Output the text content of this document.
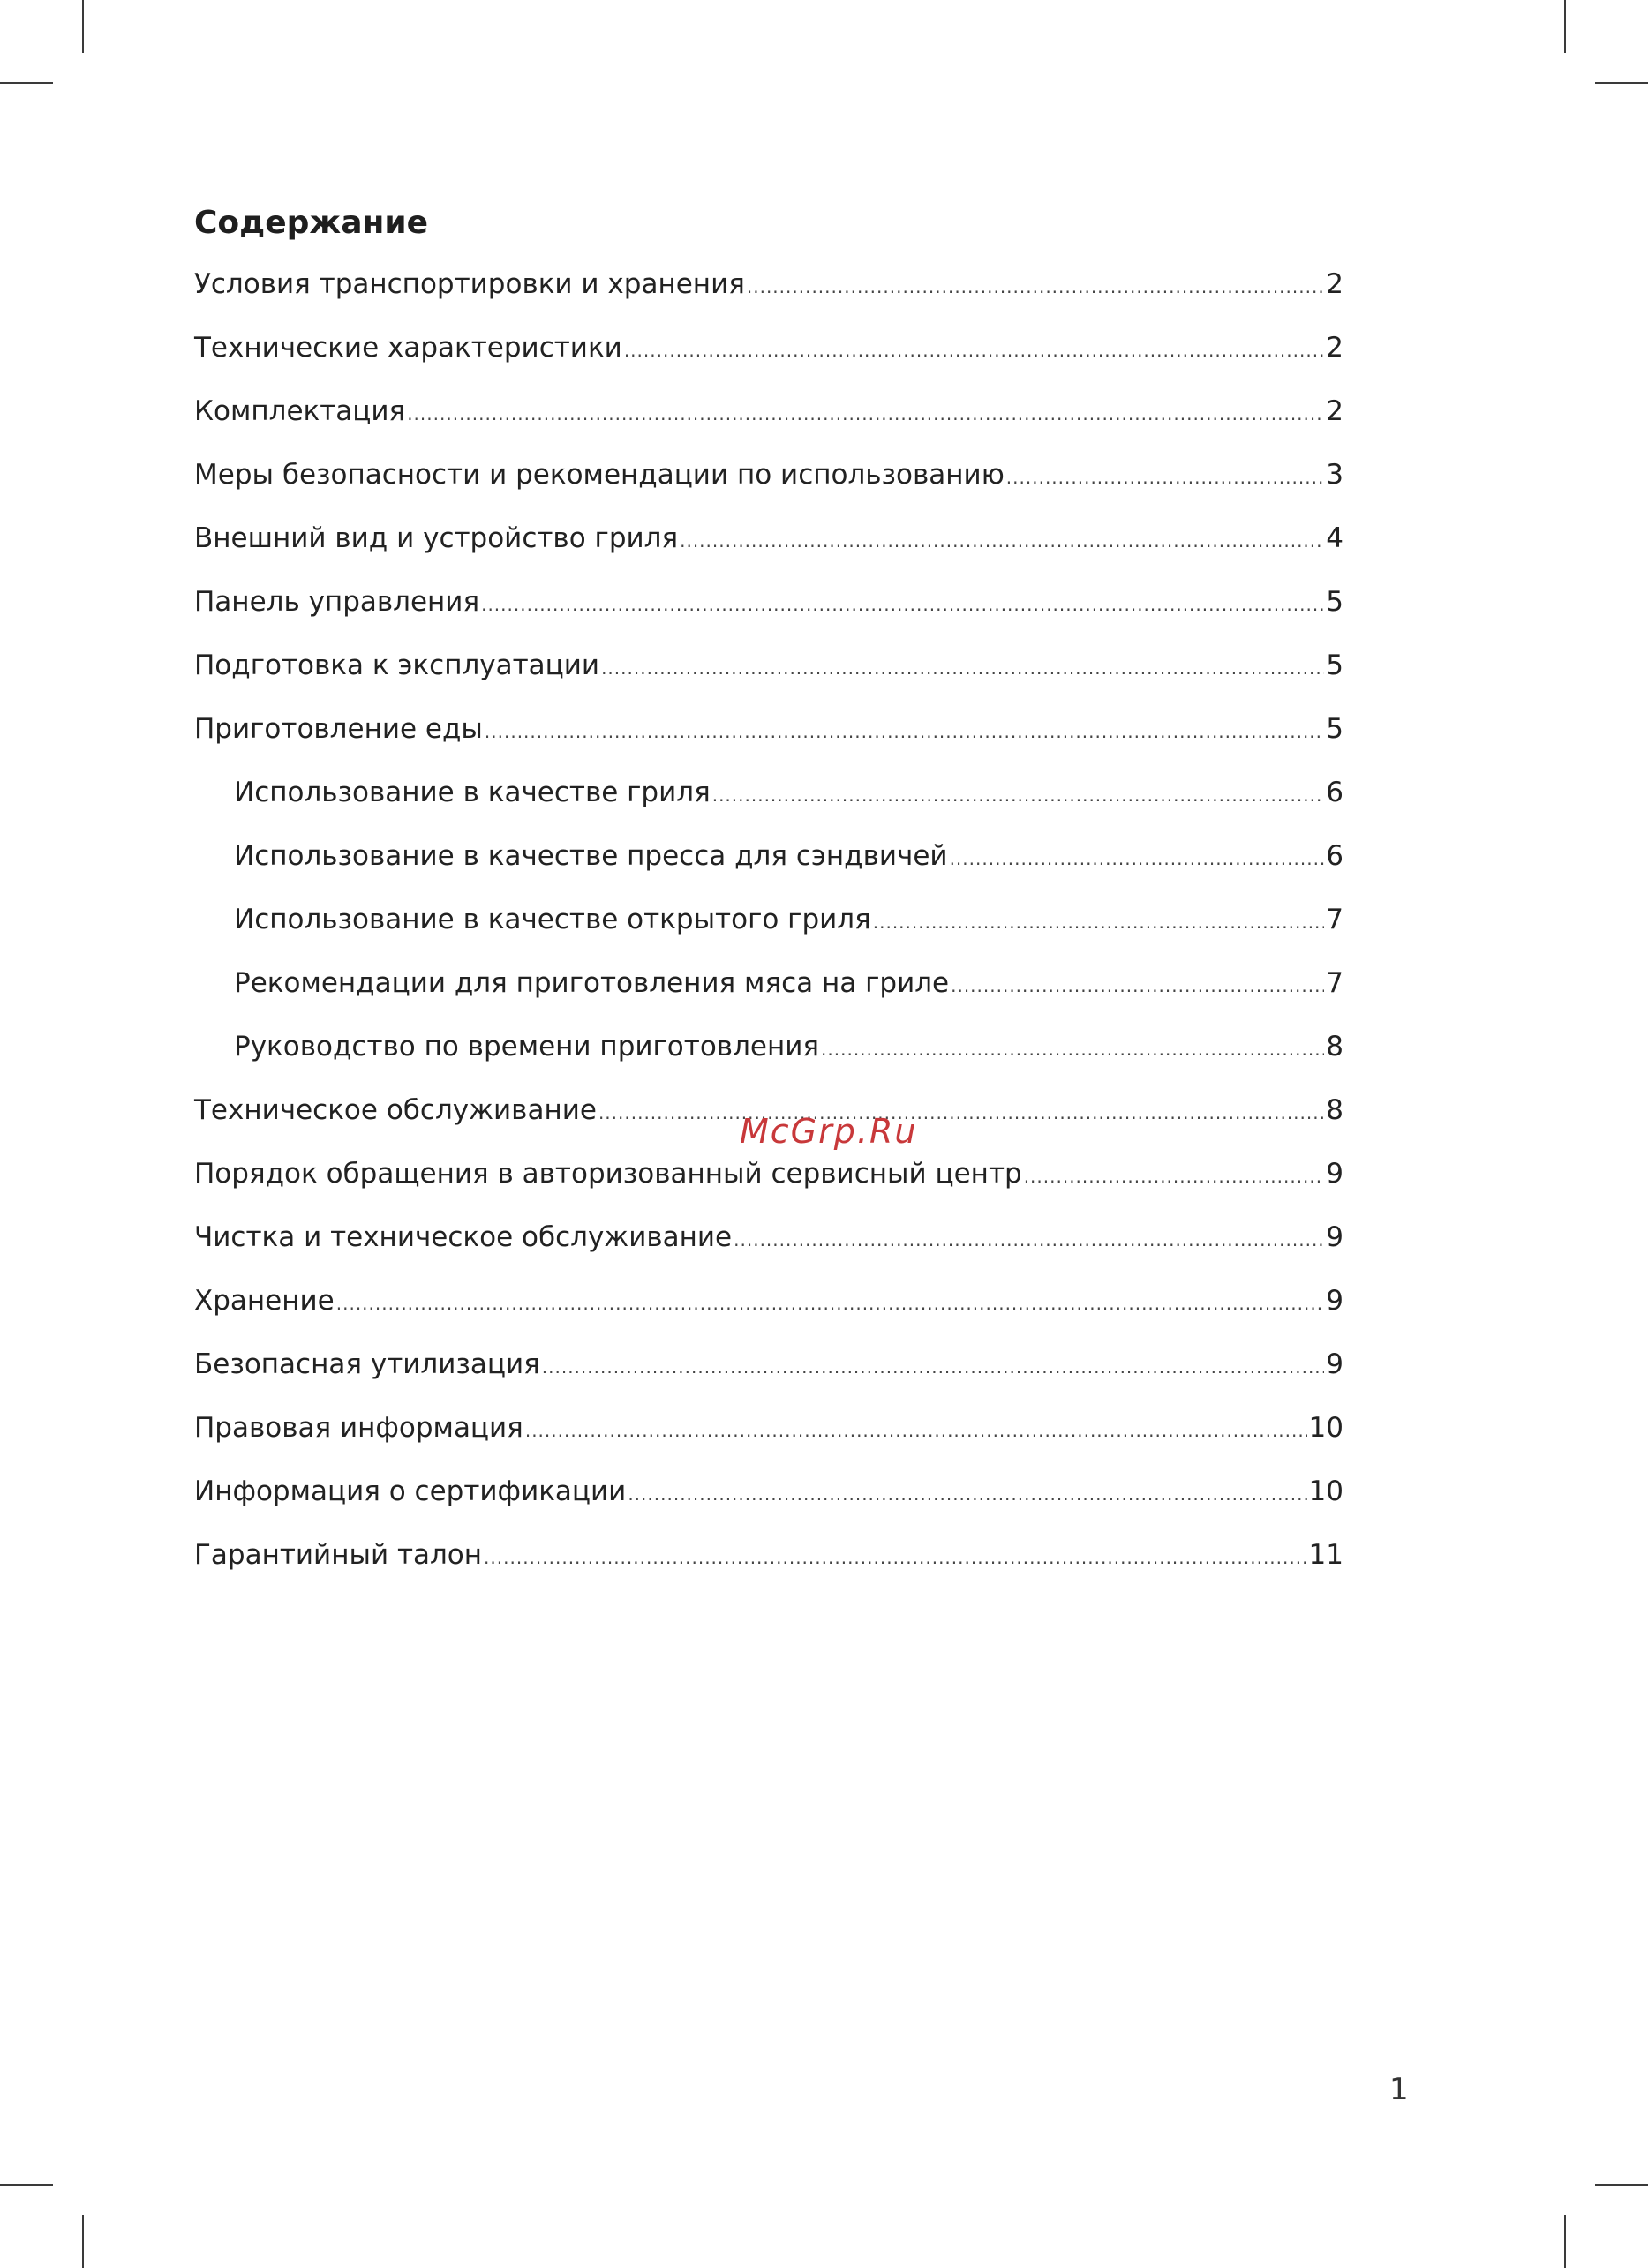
Содержание
Условия транспортировки и хранения .....	2
Технические характеристики .....	2
Комплектация .....	2
Меры безопасности и рекомендации по использованию .....	3
Внешний вид и устройство гриля .....	4
Панель управления .....	5
Подготовка к эксплуатации .....	5
Приготовление еды .....	5
Использование в качестве гриля .....	6
Использование в качестве пресса для сэндвичей .....	6
Использование в качестве открытого гриля .....	7
Рекомендации для приготовления мяса на гриле .....	7
Руководство по времени приготовления .....	8
Техническое обслуживание .....	8
Порядок обращения в авторизованный сервисный центр .....	9
Чистка и техническое обслуживание .....	9
Хранение .....	9
Безопасная утилизация .....	9
Правовая информация .....	10
Информация о сертификации .....	10
Гарантийный талон .....	11
McGrp.Ru
1
